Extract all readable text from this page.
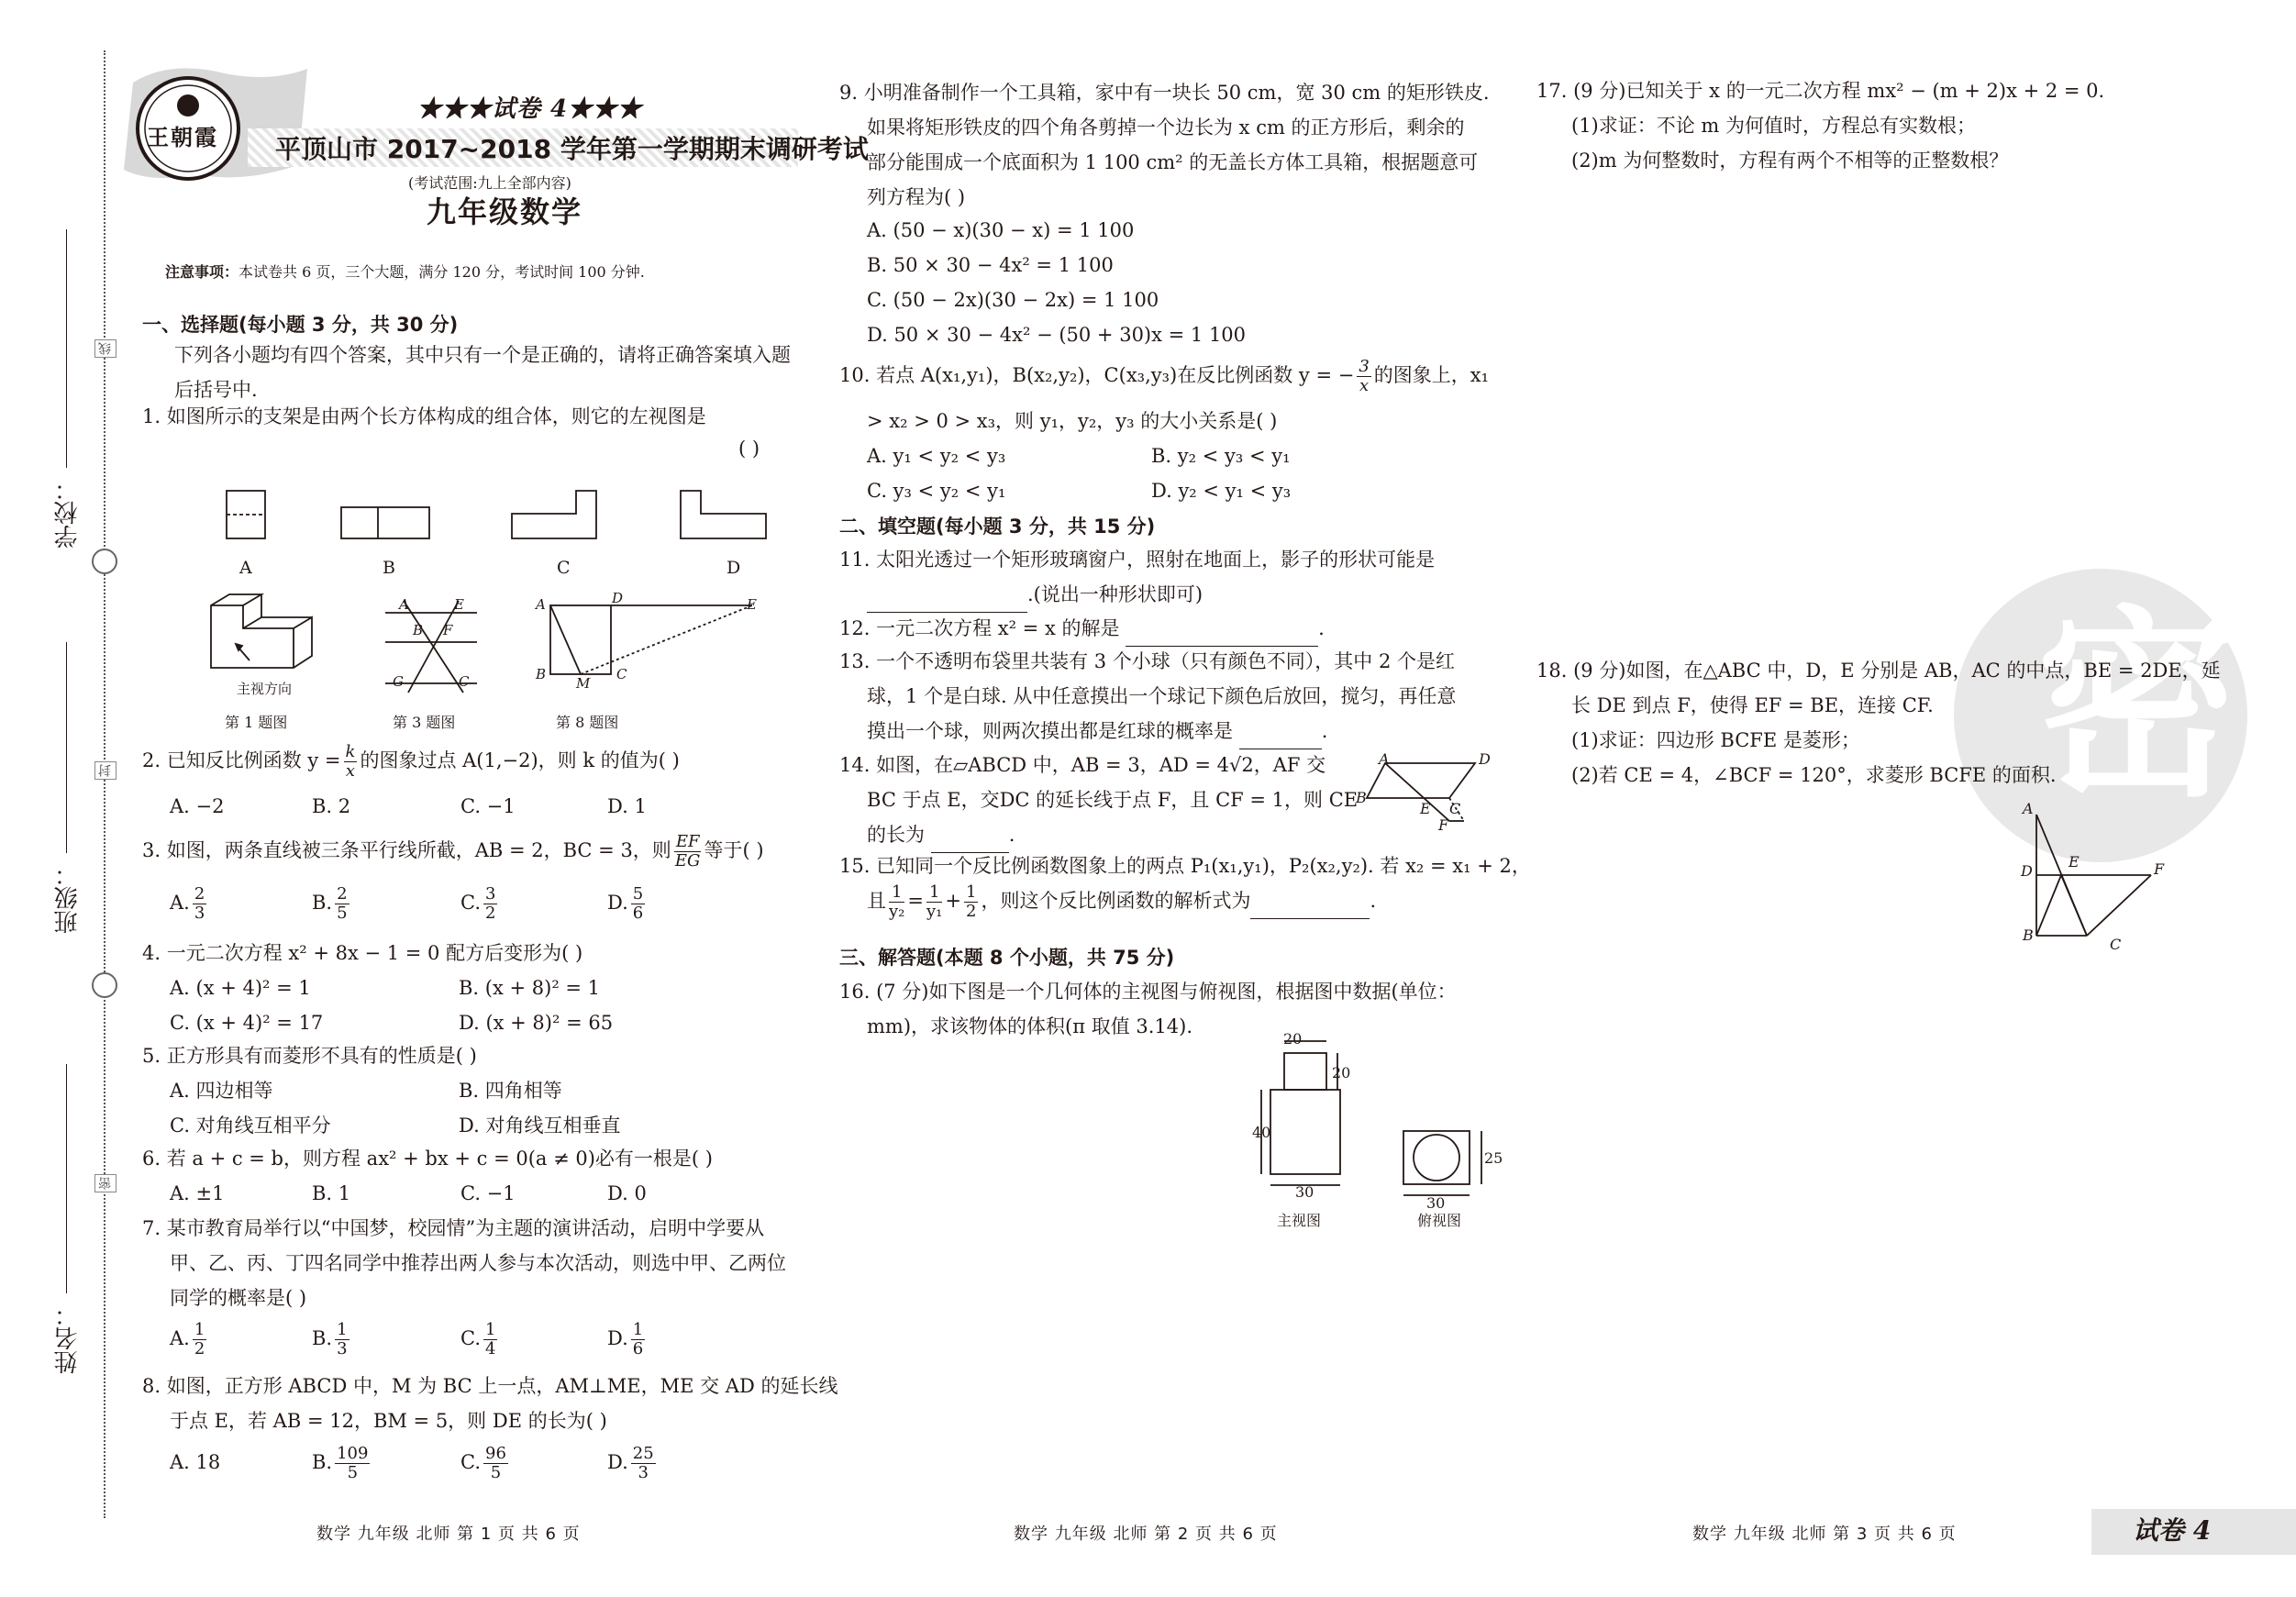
学校：
班级：
姓名：
线
封
密
王朝霞
★★★试卷 4★★★
平顶山市 2017~2018 学年第一学期期末调研考试
(考试范围:九上全部内容)
九年级数学
注意事项：本试卷共 6 页，三个大题，满分 120 分，考试时间 100 分钟.
一、选择题(每小题 3 分，共 30 分)
下列各小题均有四个答案，其中只有一个是正确的，请将正确答案填入题后括号中.
1. 如图所示的支架是由两个长方体构成的组合体，则它的左视图是
( )
A	B	C	D
主视方向
A	E
B F
G	C
A	D	E
B
M
C
第 1 题图	第 3 题图	第 8 题图
2. 已知反比例函数 $y = \frac{k}{x}$ 的图象过点 A(1,−2)，则 k 的值为( )
A. −2	B. 2	C. −1	D. 1
3. 如图，两条直线被三条平行线所截，AB = 2，BC = 3，则 $\frac{EF}{EG}$ 等于( )
A. $\frac{2}{3}$	B. $\frac{2}{5}$	C. $\frac{3}{2}$	D. $\frac{5}{6}$
4. 一元二次方程 x² + 8x − 1 = 0 配方后变形为( )
A. (x + 4)² = 1	B. (x + 8)² = 1
C. (x + 4)² = 17	D. (x + 8)² = 65
5. 正方形具有而菱形不具有的性质是( )
A. 四边相等	B. 四角相等
C. 对角线互相平分	D. 对角线互相垂直
6. 若 a + c = b，则方程 ax² + bx + c = 0(a ≠ 0)必有一根是( )
A. ±1	B. 1	C. −1	D. 0

7. 某市教育局举行以“中国梦，校园情”为主题的演讲活动，启明中学要从

甲、乙、丙、丁四名同学中推荐出两人参与本次活动，则选中甲、乙两位

同学的概率是( )

A. $\frac{1}{2}$	B. $\frac{1}{3}$	C. $\frac{1}{4}$	D. $\frac{1}{6}$

8. 如图，正方形 ABCD 中，M 为 BC 上一点，AM⊥ME，ME 交 AD 的延长线

于点 E，若 AB = 12，BM = 5，则 DE 的长为( )

A. 18	B. $\frac{109}{5}$	C. $\frac{96}{5}$	D. $\frac{25}{3}$

9. 小明准备制作一个工具箱，家中有一块长 50 cm，宽 30 cm 的矩形铁皮.

如果将矩形铁皮的四个角各剪掉一个边长为 x cm 的正方形后，剩余的

部分能围成一个底面积为 1 100 cm² 的无盖长方体工具箱，根据题意可

列方程为( )

A. (50 − x)(30 − x) = 1 100

B. 50 × 30 − 4x² = 1 100

C. (50 − 2x)(30 − 2x) = 1 100

D. 50 × 30 − 4x² − (50 + 30)x = 1 100

10. 若点 A(x₁,y₁)，B(x₂,y₂)，C(x₃,y₃)在反比例函数 y = − $\frac{3}{x}$ 的图象上，x₁
> x₂ > 0 > x₃，则 y₁，y₂，y₃ 的大小关系是( )
A. y₁ < y₂ < y₃	B. y₂ < y₃ < y₁
C. y₃ < y₂ < y₁	D. y₂ < y₁ < y₃
二、填空题(每小题 3 分，共 15 分)

11. 太阳光透过一个矩形玻璃窗户，照射在地面上，影子的形状可能是

.(说出一种形状即可)

12. 一元二次方程 x² = x 的解是	.

13. 一个不透明布袋里共装有 3 个小球（只有颜色不同），其中 2 个是红

球，1 个是白球. 从中任意摸出一个球记下颜色后放回，搅匀，再任意

摸出一个球，则两次摸出都是红球的概率是	.

14. 如图，在▱ABCD 中，AB = 3，AD = 4√2，AF 交

BC 于点 E，交DC 的延长线于点 F，且 CF = 1，则 CE

的长为	.

A	D
B
E C
F

15. 已知同一个反比例函数图象上的两点 P₁(x₁,y₁)，P₂(x₂,y₂). 若 x₂ = x₁ + 2，

且 $\frac{1}{\text{y₂}} = \frac{1}{\text{y₁}} + \frac{1}{2}$ ，则这个反比例函数的解析式为	.

三、解答题(本题 8 个小题，共 75 分)

16. (7 分)如下图是一个几何体的主视图与俯视图，根据图中数据(单位：

mm)，求该物体的体积(π 取值 3.14).

20
20
40
30
30
25
主视图	俯视图
密

17. (9 分)已知关于 x 的一元二次方程 mx² − (m + 2)x + 2 = 0.

(1)求证：不论 m 为何值时，方程总有实数根；

(2)m 为何整数时，方程有两个不相等的正整数根？

18. (9 分)如图，在△ABC 中，D，E 分别是 AB，AC 的中点，BE = 2DE，延

长 DE 到点 F，使得 EF = BE，连接 CF.

(1)求证：四边形 BCFE 是菱形；

(2)若 CE = 4，∠BCF = 120°，求菱形 BCFE 的面积.

A
D
E	F
B
C
数学 九年级 北师 第 1 页 共 6 页	数学 九年级 北师 第 2 页 共 6 页	数学 九年级 北师 第 3 页 共 6 页	试卷 4
